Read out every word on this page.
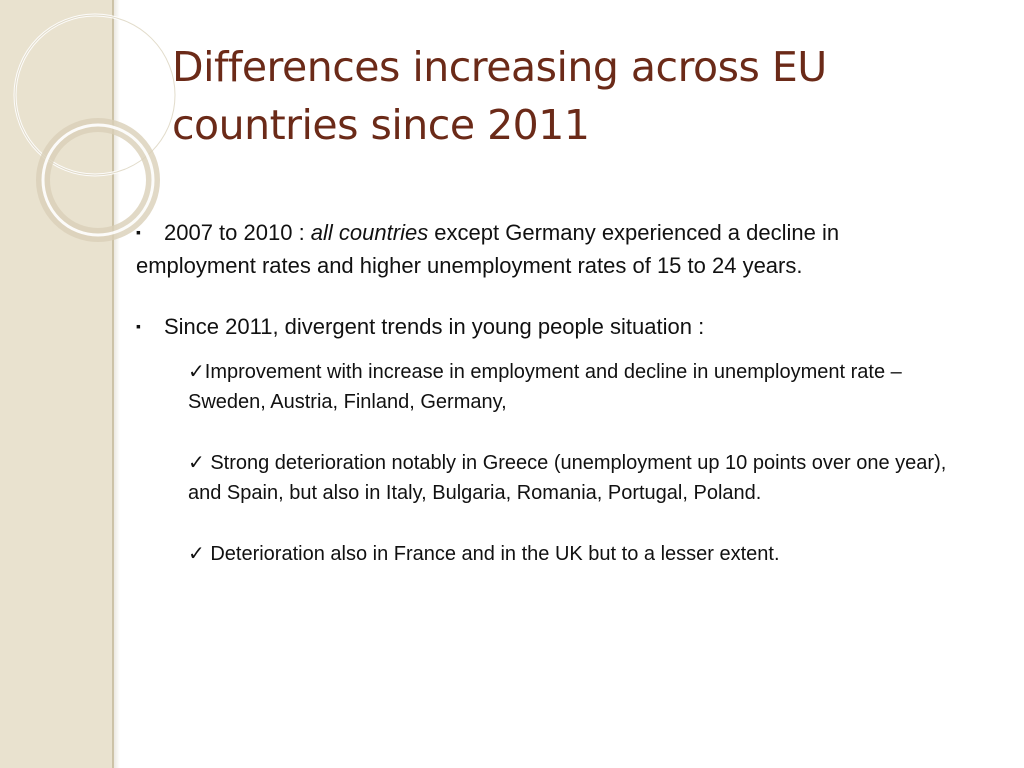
Differences increasing across EU
countries since 2011

▪ 2007 to 2010 : all countries except Germany experienced a decline in employment rates and higher unemployment rates of 15 to 24 years.

▪ Since 2011, divergent trends in young people situation :

✓Improvement with increase in employment and decline in unemployment rate – Sweden, Austria, Finland, Germany,

✓ Strong deterioration notably in Greece (unemployment up 10 points over one year), and Spain, but also in Italy, Bulgaria, Romania, Portugal, Poland.

✓ Deterioration also in France and in the UK but to a lesser extent.
